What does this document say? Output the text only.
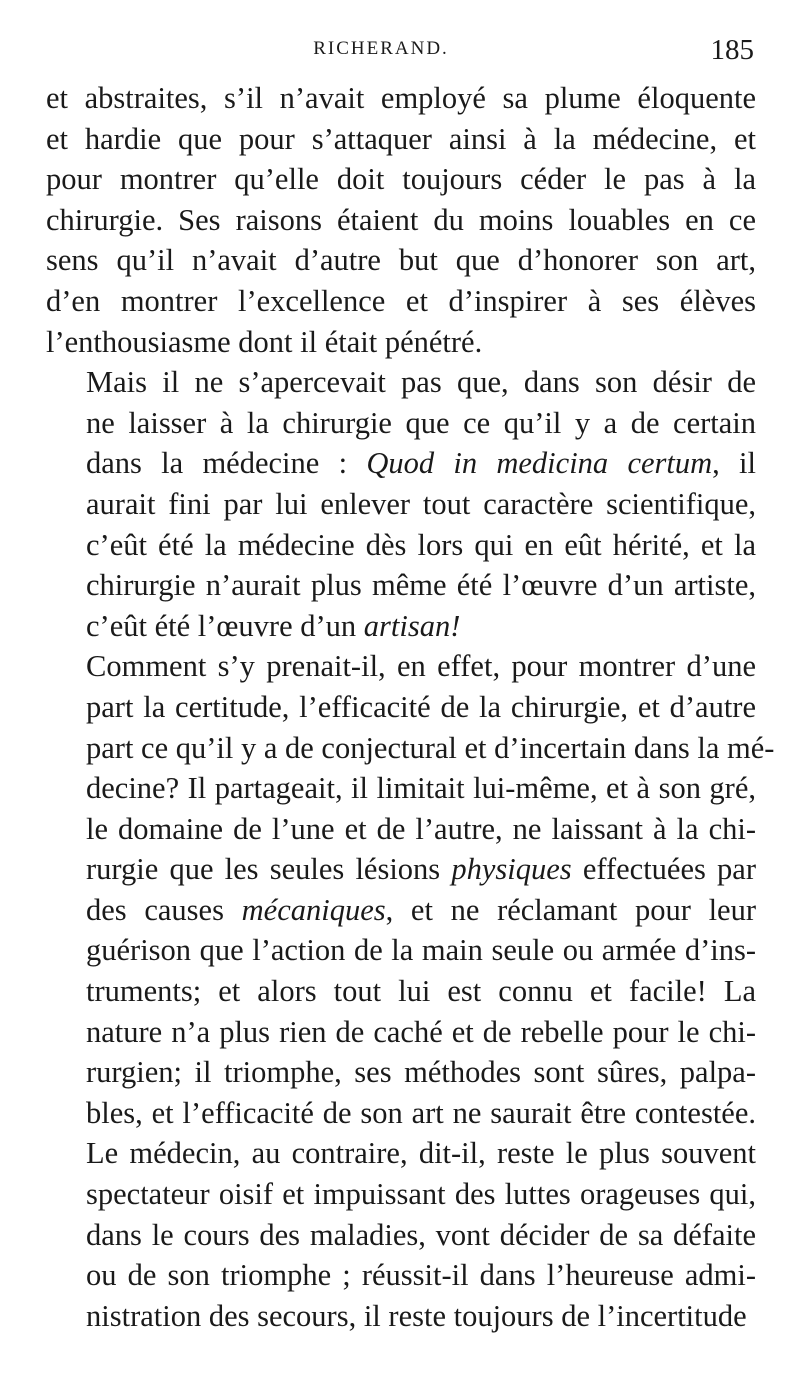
RICHERAND.	185

et abstraites, s’il n’avait employé sa plume éloquente
et hardie que pour s’attaquer ainsi à la médecine, et
pour montrer qu’elle doit toujours céder le pas à la
chirurgie. Ses raisons étaient du moins louables en ce
sens qu’il n’avait d’autre but que d’honorer son art,
d’en montrer l’excellence et d’inspirer à ses élèves
l’enthousiasme dont il était pénétré.

Mais il ne s’apercevait pas que, dans son désir de
ne laisser à la chirurgie que ce qu’il y a de certain
dans la médecine : Quod in medicina certum, il
aurait fini par lui enlever tout caractère scientifique,
c’eût été la médecine dès lors qui en eût hérité, et la
chirurgie n’aurait plus même été l’œuvre d’un artiste,
c’eût été l’œuvre d’un artisan!

Comment s’y prenait-il, en effet, pour montrer d’une
part la certitude, l’efficacité de la chirurgie, et d’autre
part ce qu’il y a de conjectural et d’incertain dans la mé-
decine? Il partageait, il limitait lui-même, et à son gré,
le domaine de l’une et de l’autre, ne laissant à la chi-
rurgie que les seules lésions physiques effectuées par
des causes mécaniques, et ne réclamant pour leur
guérison que l’action de la main seule ou armée d’ins-
truments; et alors tout lui est connu et facile! La
nature n’a plus rien de caché et de rebelle pour le chi-
rurgien; il triomphe, ses méthodes sont sûres, palpa-
bles, et l’efficacité de son art ne saurait être contestée.
Le médecin, au contraire, dit-il, reste le plus souvent
spectateur oisif et impuissant des luttes orageuses qui,
dans le cours des maladies, vont décider de sa défaite
ou de son triomphe ; réussit-il dans l’heureuse admi-
nistration des secours, il reste toujours de l’incertitude
